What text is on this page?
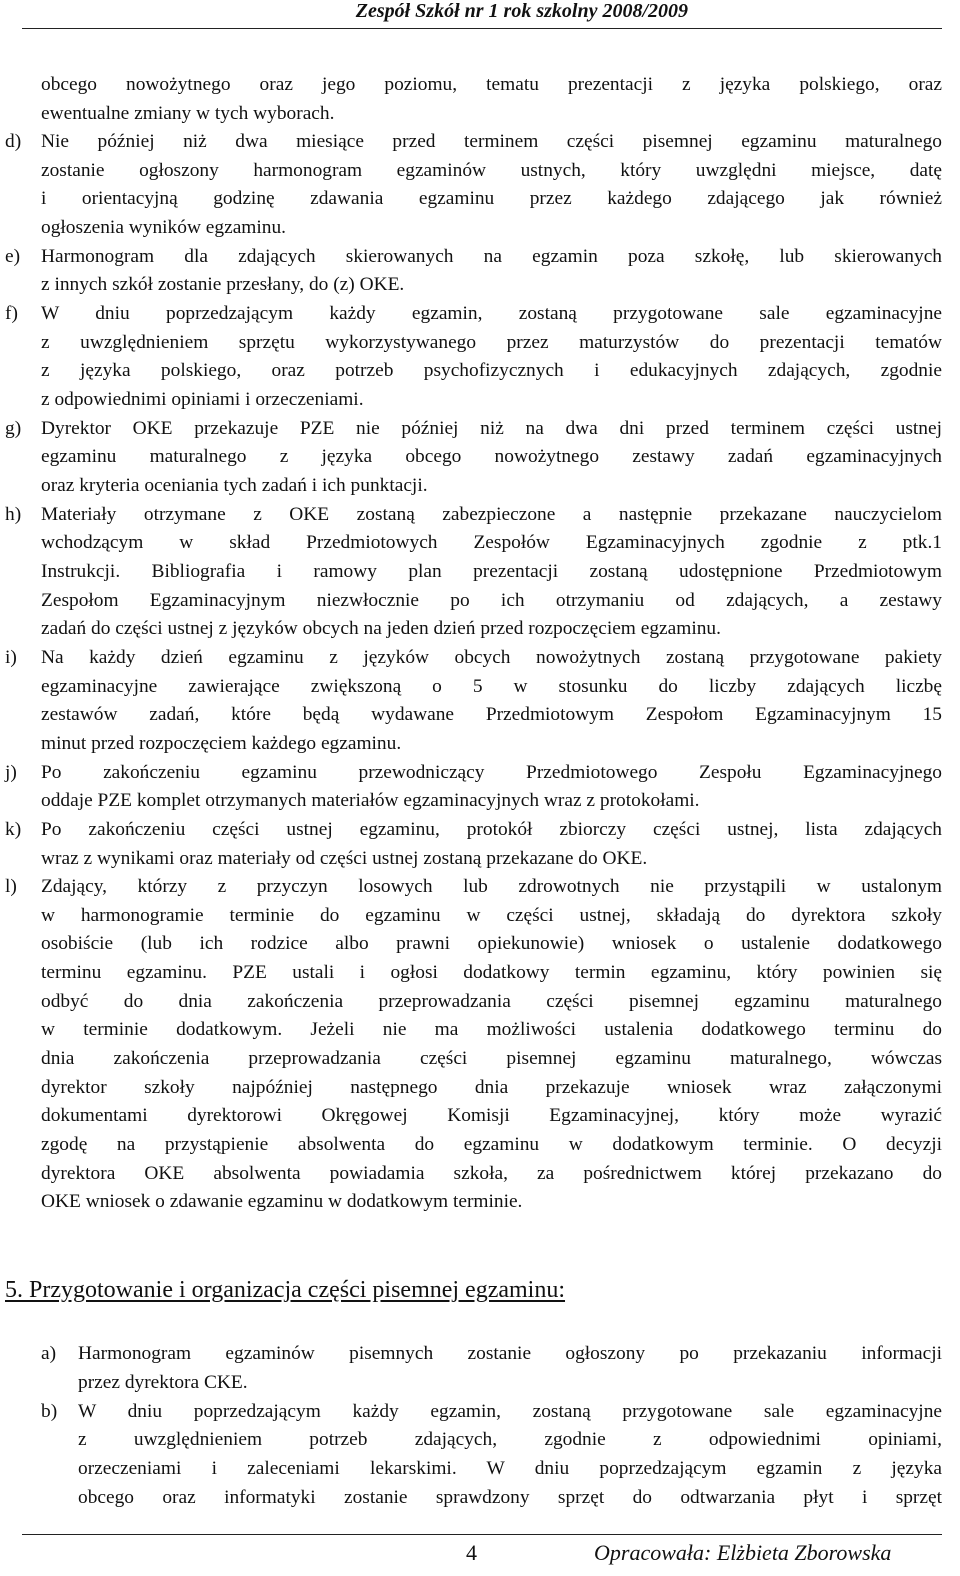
Zespół Szkół nr 1 rok szkolny 2008/2009
obcego nowożytnego oraz jego poziomu, tematu prezentacji z języka polskiego, oraz
ewentualne zmiany w tych wyborach.
d) Nie później niż dwa miesiące przed terminem części pisemnej egzaminu maturalnego
zostanie ogłoszony harmonogram egzaminów ustnych, który uwzględni miejsce, datę
i orientacyjną godzinę zdawania egzaminu przez każdego zdającego jak również
ogłoszenia wyników egzaminu.
e) Harmonogram dla zdających skierowanych na egzamin poza szkołę, lub skierowanych
z innych szkół zostanie przesłany, do (z) OKE.
f) W dniu poprzedzającym każdy egzamin, zostaną przygotowane sale egzaminacyjne
z uwzględnieniem sprzętu wykorzystywanego przez maturzystów do prezentacji tematów
z języka polskiego, oraz potrzeb psychofizycznych i edukacyjnych zdających, zgodnie
z odpowiednimi opiniami i orzeczeniami.
g) Dyrektor OKE przekazuje PZE nie później niż na dwa dni przed terminem części ustnej
egzaminu maturalnego z języka obcego nowożytnego zestawy zadań egzaminacyjnych
oraz kryteria oceniania tych zadań i ich punktacji.
h) Materiały otrzymane z OKE zostaną zabezpieczone a następnie przekazane nauczycielom
wchodzącym w skład Przedmiotowych Zespołów Egzaminacyjnych zgodnie z ptk.1
Instrukcji. Bibliografia i ramowy plan prezentacji zostaną udostępnione Przedmiotowym
Zespołom Egzaminacyjnym niezwłocznie po ich otrzymaniu od zdających, a zestawy
zadań do części ustnej z języków obcych na jeden dzień przed rozpoczęciem egzaminu.
i) Na każdy dzień egzaminu z języków obcych nowożytnych zostaną przygotowane pakiety
egzaminacyjne zawierające zwiększoną o 5 w stosunku do liczby zdających liczbę
zestawów zadań, które będą wydawane Przedmiotowym Zespołom Egzaminacyjnym 15
minut przed rozpoczęciem każdego egzaminu.
j) Po zakończeniu egzaminu przewodniczący Przedmiotowego Zespołu Egzaminacyjnego
oddaje PZE komplet otrzymanych materiałów egzaminacyjnych wraz z protokołami.
k) Po zakończeniu części ustnej egzaminu, protokół zbiorczy części ustnej, lista zdających
wraz z wynikami oraz materiały od części ustnej zostaną przekazane do OKE.
l) Zdający, którzy z przyczyn losowych lub zdrowotnych nie przystąpili w ustalonym
w harmonogramie terminie do egzaminu w części ustnej, składają do dyrektora szkoły
osobiście (lub ich rodzice albo prawni opiekunowie) wniosek o ustalenie dodatkowego
terminu egzaminu. PZE ustali i ogłosi dodatkowy termin egzaminu, który powinien się
odbyć do dnia zakończenia przeprowadzania części pisemnej egzaminu maturalnego
w terminie dodatkowym. Jeżeli nie ma możliwości ustalenia dodatkowego terminu do
dnia zakończenia przeprowadzania części pisemnej egzaminu maturalnego, wówczas
dyrektor szkoły najpóźniej następnego dnia przekazuje wniosek wraz załączonymi
dokumentami dyrektorowi Okręgowej Komisji Egzaminacyjnej, który może wyrazić
zgodę na przystąpienie absolwenta do egzaminu w dodatkowym terminie. O decyzji
dyrektora OKE absolwenta powiadamia szkoła, za pośrednictwem której przekazano do
OKE wniosek o zdawanie egzaminu w dodatkowym terminie.
5. Przygotowanie i organizacja części pisemnej egzaminu:
a) Harmonogram egzaminów pisemnych zostanie ogłoszony po przekazaniu informacji
przez dyrektora CKE.
b) W dniu poprzedzającym każdy egzamin, zostaną przygotowane sale egzaminacyjne
z uwzględnieniem potrzeb zdających, zgodnie z odpowiednimi opiniami,
orzeczeniami i zaleceniami lekarskimi. W dniu poprzedzającym egzamin z języka
obcego oraz informatyki zostanie sprawdzony sprzęt do odtwarzania płyt i sprzęt
4	Opracowała: Elżbieta Zborowska
